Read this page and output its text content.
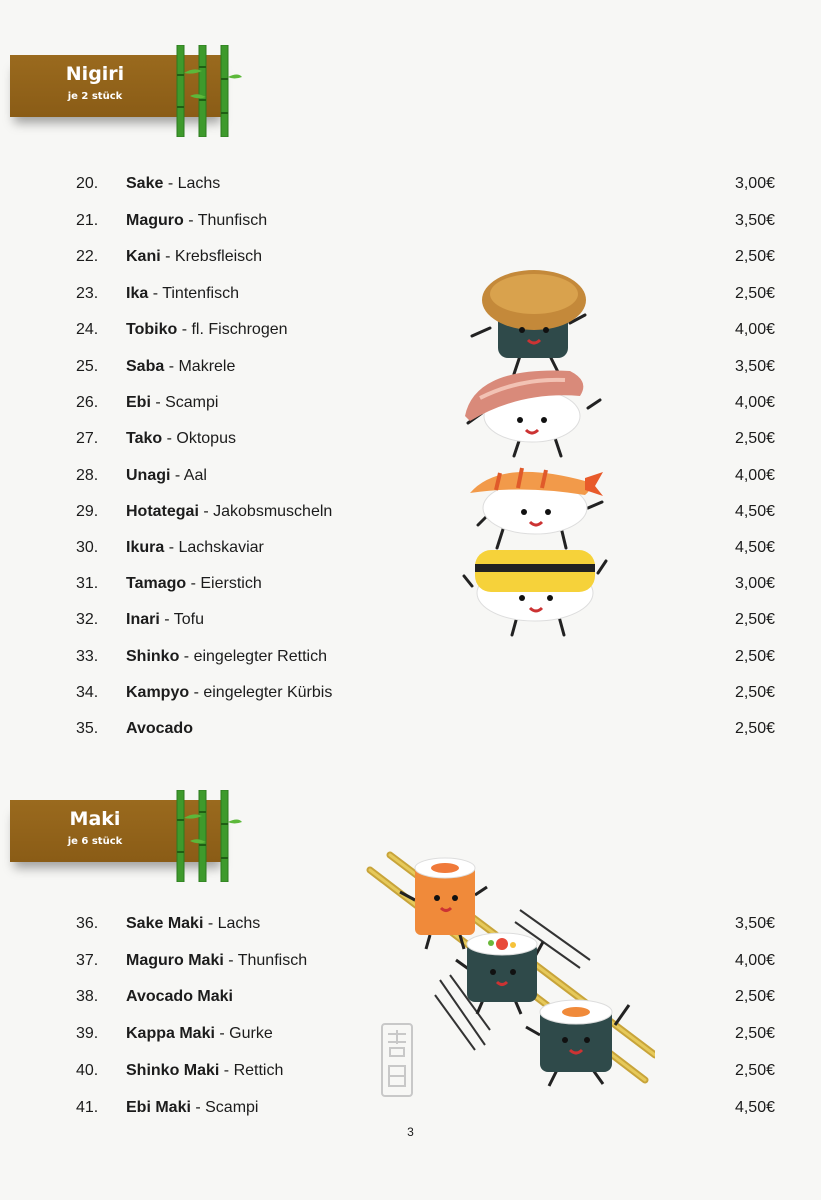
Nigiri
je 2 stück
20. Sake - Lachs	3,00€
21. Maguro - Thunfisch	3,50€
22. Kani - Krebsfleisch	2,50€
23. Ika - Tintenfisch	2,50€
24. Tobiko - fl. Fischrogen	4,00€
25. Saba - Makrele	3,50€
26. Ebi - Scampi	4,00€
27. Tako - Oktopus	2,50€
28. Unagi - Aal	4,00€
29. Hotategai - Jakobsmuscheln	4,50€
30. Ikura - Lachskaviar	4,50€
31. Tamago - Eierstich	3,00€
32. Inari - Tofu	2,50€
33. Shinko - eingelegter Rettich	2,50€
34. Kampyo - eingelegter Kürbis	2,50€
35. Avocado	2,50€
Maki
je 6 stück
36. Sake Maki - Lachs	3,50€
37. Maguro Maki - Thunfisch	4,00€
38. Avocado Maki	2,50€
39. Kappa Maki - Gurke	2,50€
40. Shinko Maki - Rettich	2,50€
41. Ebi Maki - Scampi	4,50€
3
